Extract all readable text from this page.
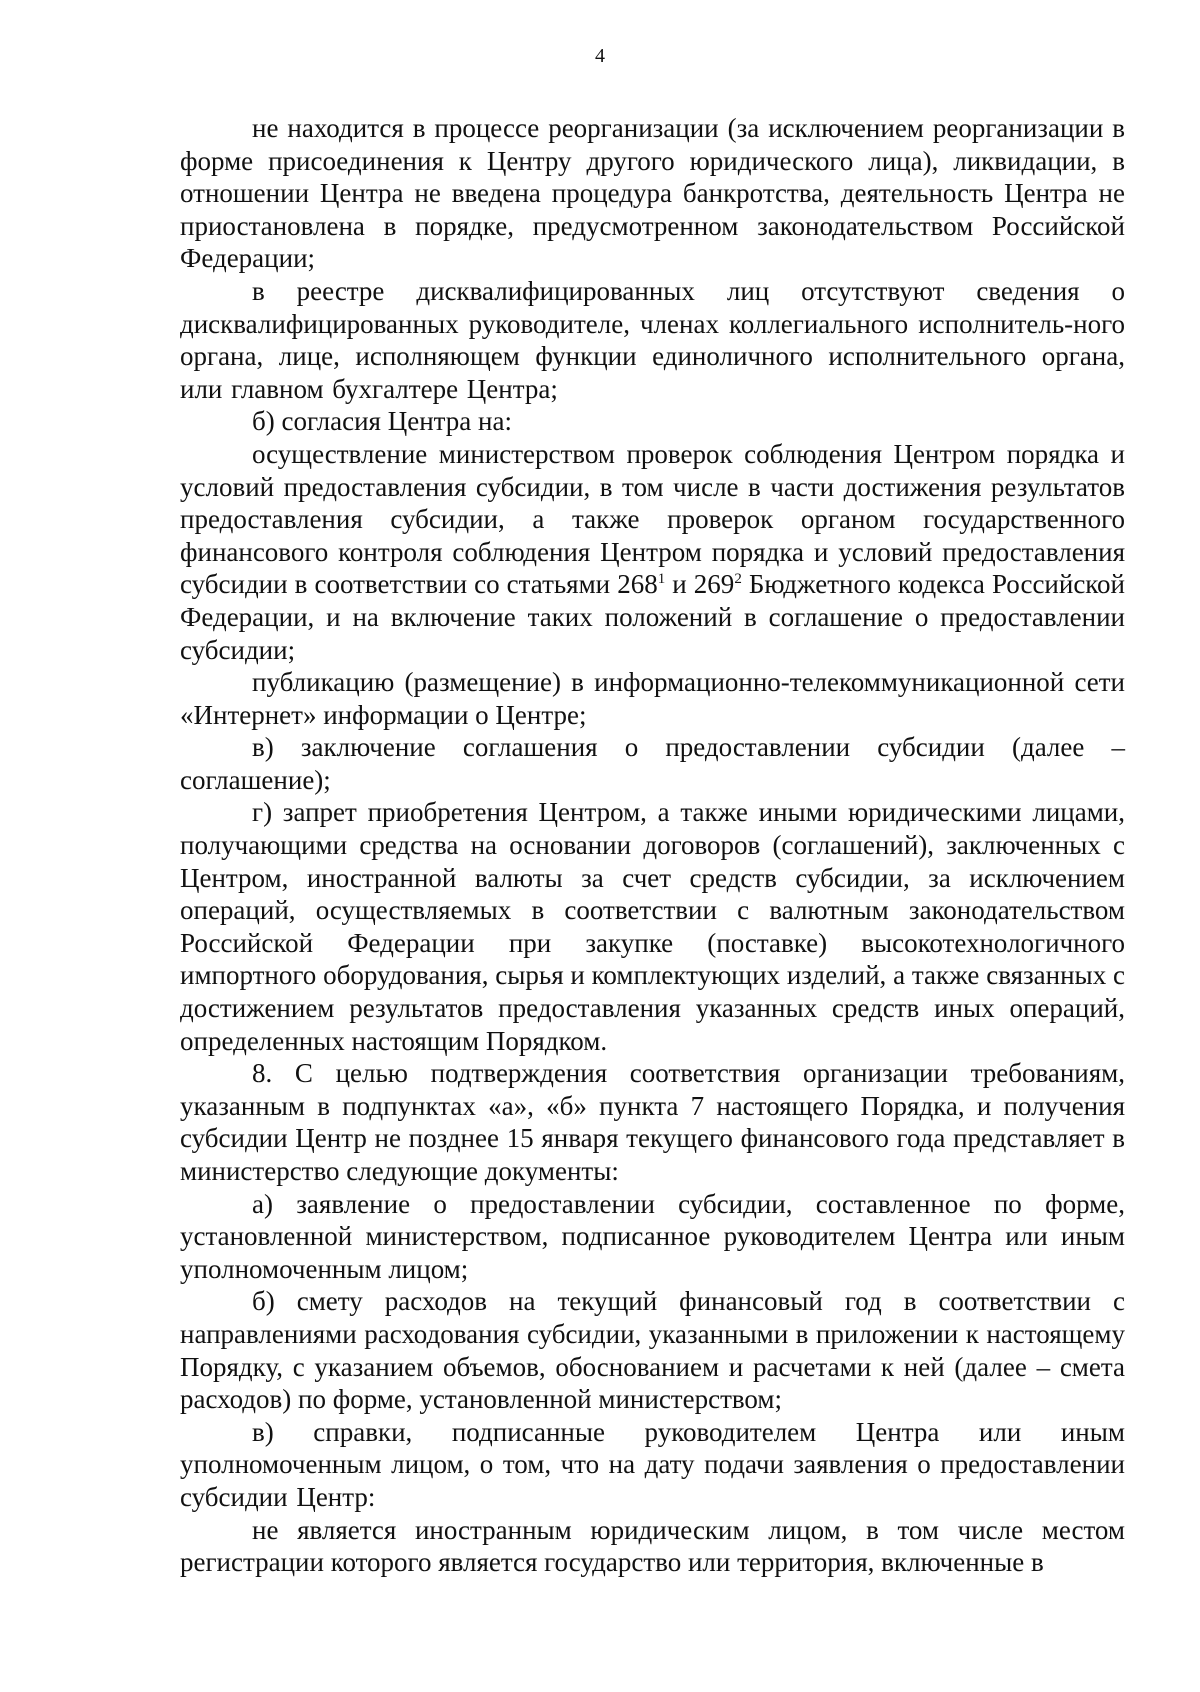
4

не находится в процессе реорганизации (за исключением реорганизации в форме присоединения к Центру другого юридического лица), ликвидации, в отношении Центра не введена процедура банкротства, деятельность Центра не приостановлена в порядке, предусмотренном законодательством Российской Федерации;

в реестре дисквалифицированных лиц отсутствуют сведения о дисквалифицированных руководителе, членах коллегиального исполнитель-ного органа, лице, исполняющем функции единоличного исполнительного органа, или главном бухгалтере Центра;

б) согласия Центра на:

осуществление министерством проверок соблюдения Центром порядка и условий предоставления субсидии, в том числе в части достижения результатов предоставления субсидии, а также проверок органом государственного финансового контроля соблюдения Центром порядка и условий предоставления субсидии в соответствии со статьями $268^1$ и $269^2$ Бюджетного кодекса Российской Федерации, и на включение таких положений в соглашение о предоставлении субсидии;

публикацию (размещение) в информационно-телекоммуникационной сети «Интернет» информации о Центре;

в) заключение соглашения о предоставлении субсидии (далее – соглашение);

г) запрет приобретения Центром, а также иными юридическими лицами, получающими средства на основании договоров (соглашений), заключенных с Центром, иностранной валюты за счет средств субсидии, за исключением операций, осуществляемых в соответствии с валютным законодательством Российской Федерации при закупке (поставке) высокотехнологичного импортного оборудования, сырья и комплектующих изделий, а также связанных с достижением результатов предоставления указанных средств иных операций, определенных настоящим Порядком.

8. С целью подтверждения соответствия организации требованиям, указанным в подпунктах «а», «б» пункта 7 настоящего Порядка, и получения субсидии Центр не позднее 15 января текущего финансового года представляет в министерство следующие документы:

а) заявление о предоставлении субсидии, составленное по форме, установленной министерством, подписанное руководителем Центра или иным уполномоченным лицом;

б) смету расходов на текущий финансовый год в соответствии с направлениями расходования субсидии, указанными в приложении к настоящему Порядку, с указанием объемов, обоснованием и расчетами к ней (далее – смета расходов) по форме, установленной министерством;

в) справки, подписанные руководителем Центра или иным уполномоченным лицом, о том, что на дату подачи заявления о предоставлении субсидии Центр:

не является иностранным юридическим лицом, в том числе местом регистрации которого является государство или территория, включенные в
